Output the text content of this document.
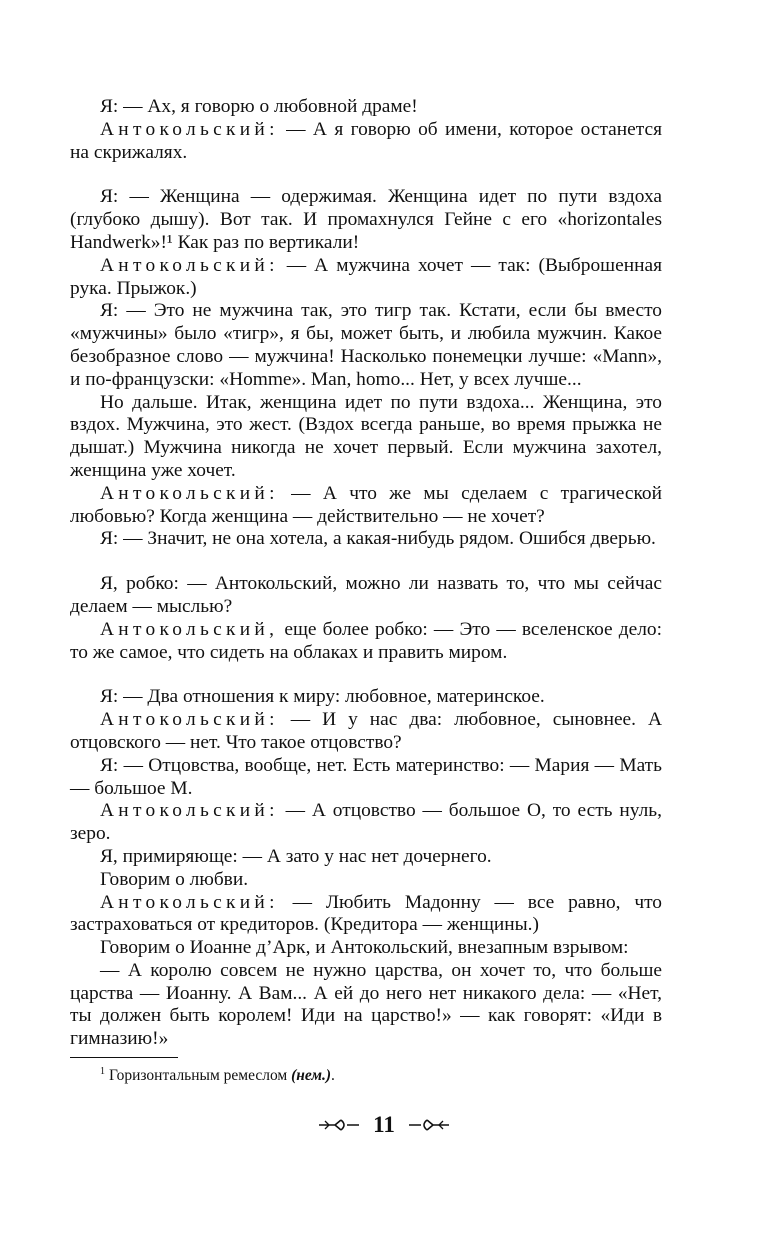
Я: — Ах, я говорю о любовной драме!

Антокольский: — А я говорю об имени, которое останется на скрижалях.

Я: — Женщина — одержимая. Женщина идет по пути вздоха (глубоко дышу). Вот так. И промахнулся Гейне с его «horizontales Handwerk»!¹ Как раз по вертикали!

Антокольский: — А мужчина хочет — так: (Выброшенная рука. Прыжок.)

Я: — Это не мужчина так, это тигр так. Кстати, если бы вместо «мужчины» было «тигр», я бы, может быть, и любила мужчин. Какое безобразное слово — мужчина! Насколько понемецки лучше: «Mann», и по-французски: «Homme». Man, homo... Нет, у всех лучше...

Но дальше. Итак, женщина идет по пути вздоха... Женщина, это вздох. Мужчина, это жест. (Вздох всегда раньше, во время прыжка не дышат.) Мужчина никогда не хочет первый. Если мужчина захотел, женщина уже хочет.

Антокольский: — А что же мы сделаем с трагической любовью? Когда женщина — действительно — не хочет?

Я: — Значит, не она хотела, а какая-нибудь рядом. Ошибся дверью.

Я, робко: — Антокольский, можно ли назвать то, что мы сейчас делаем — мыслью?

Антокольский, еще более робко: — Это — вселенское дело: то же самое, что сидеть на облаках и править миром.

Я: — Два отношения к миру: любовное, материнское.

Антокольский: — И у нас два: любовное, сыновнее. А отцовского — нет. Что такое отцовство?

Я: — Отцовства, вообще, нет. Есть материнство: — Мария — Мать — большое М.

Антокольский: — А отцовство — большое О, то есть нуль, зеро.

Я, примиряюще: — А зато у нас нет дочернего.

Говорим о любви.

Антокольский: — Любить Мадонну — все равно, что застраховаться от кредиторов. (Кредитора — женщины.)

Говорим о Иоанне д’Арк, и Антокольский, внезапным взрывом:

— А королю совсем не нужно царства, он хочет то, что больше царства — Иоанну. А Вам... А ей до него нет никакого дела: — «Нет, ты должен быть королем! Иди на царство!» — как говорят: «Иди в гимназию!»

$^1$ Горизонтальным ремеслом (нем.).
11
